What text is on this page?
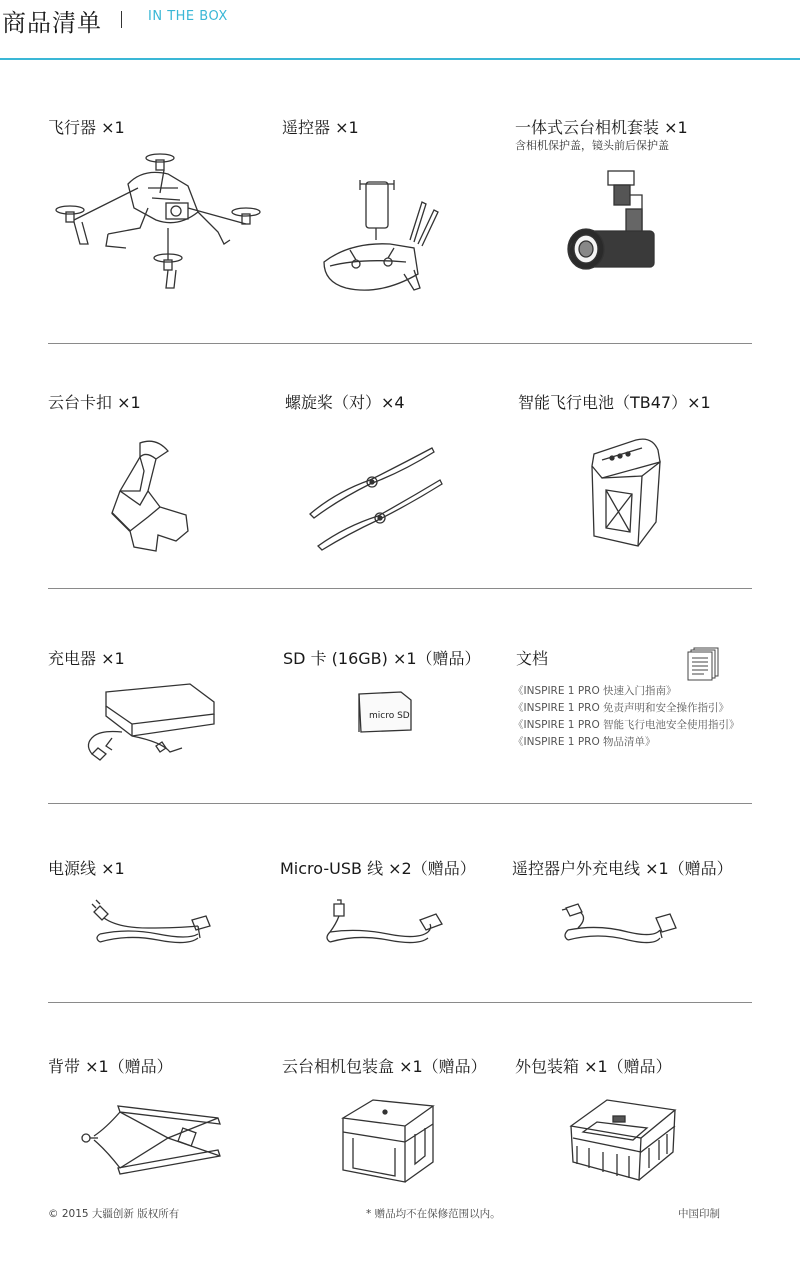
商品清单	IN THE BOX
飞行器 ×1	遥控器 ×1	一体式云台相机套装 ×1
含相机保护盖，镜头前后保护盖
云台卡扣 ×1	螺旋桨（对）×4	智能飞行电池（TB47）×1
充电器 ×1	SD 卡 (16GB) ×1（赠品）
micro SD
文档
《INSPIRE 1 PRO 快速入门指南》
《INSPIRE 1 PRO 免责声明和安全操作指引》
《INSPIRE 1 PRO 智能飞行电池安全使用指引》
《INSPIRE 1 PRO 物品清单》
电源线 ×1	Micro-USB 线 ×2（赠品） 遥控器户外充电线 ×1（赠品）
背带 ×1（赠品）	云台相机包装盒 ×1（赠品） 外包装箱 ×1（赠品）
© 2015 大疆创新 版权所有	* 赠品均不在保修范围以内。	中国印制
